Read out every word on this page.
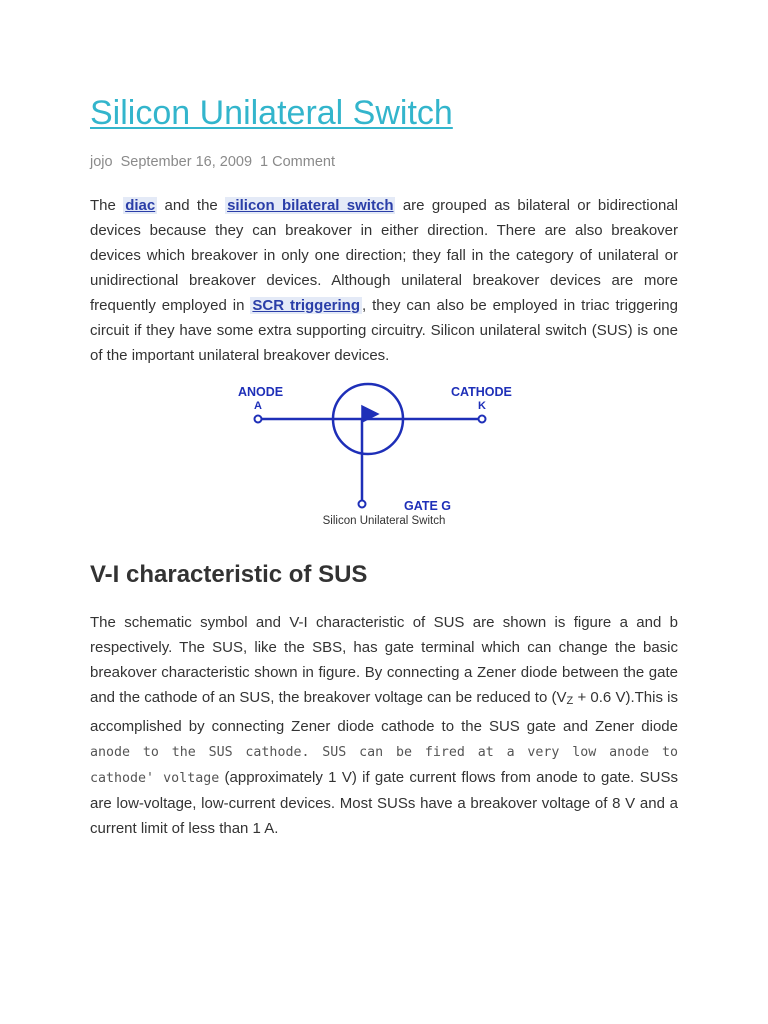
Silicon Unilateral Switch
jojo September 16, 2009 1 Comment

The diac and the silicon bilateral switch are grouped as bilateral or bidirectional devices because they can breakover in either direction. There are also breakover devices which breakover in only one direction; they fall in the category of unilateral or unidirectional breakover devices. Although unilateral breakover devices are more frequently employed in SCR triggering , they can also be employed in triac triggering circuit if they have some extra supporting circuitry. Silicon unilateral switch (SUS) is one of the important unilateral breakover devices.

ANODE
A
CATHODE
K
GATE G
Silicon Unilateral Switch
V-I characteristic of SUS

The schematic symbol and V-I characteristic of SUS are shown is figure a and b respectively. The SUS, like the SBS, has gate terminal which can change the basic breakover characteristic shown in figure. By connecting a Zener diode between the gate and the cathode of an SUS, the breakover voltage can be reduced to (VZ + 0.6 V).This is accomplished by connecting Zener diode cathode to the SUS gate and Zener diode anode to the SUS cathode. SUS can be fired at a very low anode to cathode' voltage (approximately 1 V) if gate current flows from anode to gate. SUSs are low-voltage, low-current devices. Most SUSs have a breakover voltage of 8 V and a current limit of less than 1 A.
